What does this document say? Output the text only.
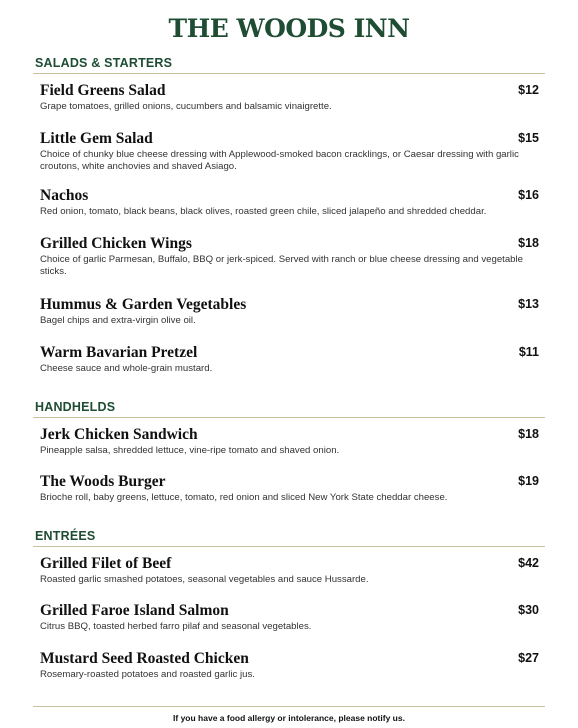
THE WOODS INN
SALADS & STARTERS
Field Greens Salad	$12
Grape tomatoes, grilled onions, cucumbers and balsamic vinaigrette.
Little Gem Salad	$15
Choice of chunky blue cheese dressing with Applewood-smoked bacon cracklings, or Caesar dressing with garlic croutons, white anchovies and shaved Asiago.
Nachos	$16
Red onion, tomato, black beans, black olives, roasted green chile, sliced jalapeño and shredded cheddar.
Grilled Chicken Wings	$18
Choice of garlic Parmesan, Buffalo, BBQ or jerk-spiced. Served with ranch or blue cheese dressing and vegetable sticks.
Hummus & Garden Vegetables	$13
Bagel chips and extra-virgin olive oil.
Warm Bavarian Pretzel	$11
Cheese sauce and whole-grain mustard.
HANDHELDS
Jerk Chicken Sandwich	$18
Pineapple salsa, shredded lettuce, vine-ripe tomato and shaved onion.
The Woods Burger	$19
Brioche roll, baby greens, lettuce, tomato, red onion and sliced New York State cheddar cheese.
ENTRÉES
Grilled Filet of Beef	$42
Roasted garlic smashed potatoes, seasonal vegetables and sauce Hussarde.
Grilled Faroe Island Salmon	$30
Citrus BBQ, toasted herbed farro pilaf and seasonal vegetables.
Mustard Seed Roasted Chicken	$27
Rosemary-roasted potatoes and roasted garlic jus.
If you have a food allergy or intolerance, please notify us.
